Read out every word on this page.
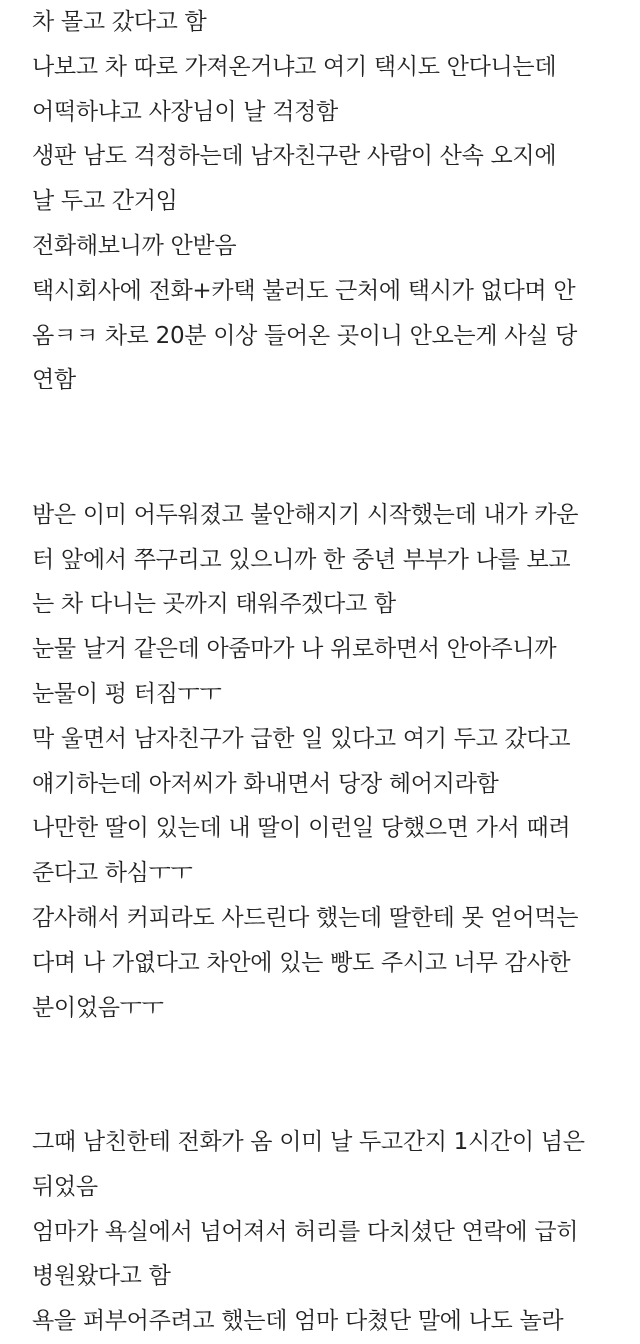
차 몰고 갔다고 함
나보고 차 따로 가져온거냐고 여기 택시도 안다니는데
어떡하냐고 사장님이 날 걱정함
생판 남도 걱정하는데 남자친구란 사람이 산속 오지에
날 두고 간거임
전화해보니까 안받음
택시회사에 전화+카택 불러도 근처에 택시가 없다며 안
옴ㅋㅋ 차로 20분 이상 들어온 곳이니 안오는게 사실 당
연함
밤은 이미 어두워졌고 불안해지기 시작했는데 내가 카운
터 앞에서 쭈구리고 있으니까 한 중년 부부가 나를 보고
는 차 다니는 곳까지 태워주겠다고 함
눈물 날거 같은데 아줌마가 나 위로하면서 안아주니까
눈물이 펑 터짐ㅜㅜ
막 울면서 남자친구가 급한 일 있다고 여기 두고 갔다고
얘기하는데 아저씨가 화내면서 당장 헤어지라함
나만한 딸이 있는데 내 딸이 이런일 당했으면 가서 때려
준다고 하심ㅜㅜ
감사해서 커피라도 사드린다 했는데 딸한테 못 얻어먹는
다며 나 가엾다고 차안에 있는 빵도 주시고 너무 감사한
분이었음ㅜㅜ
그때 남친한테 전화가 옴 이미 날 두고간지 1시간이 넘은
뒤었음
엄마가 욕실에서 넘어져서 허리를 다치셨단 연락에 급히
병원왔다고 함
욕을 퍼부어주려고 했는데 엄마 다쳤단 말에 나도 놀라
